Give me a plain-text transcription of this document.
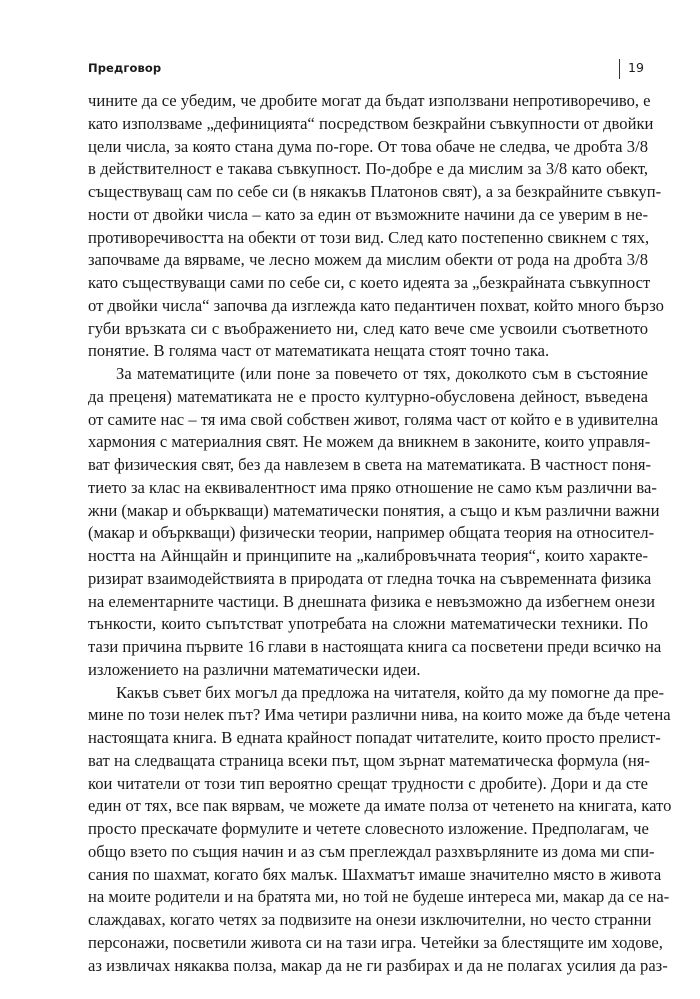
Предговор	19

чините да се убедим, че дробите могат да бъдат използвани непротиворечиво, е
като използваме „дефиницията“ посредством безкрайни съвкупности от двойки
цели числа, за която стана дума по-горе. От това обаче не следва, че дробта 3/8
в действителност е такава съвкупност. По-добре е да мислим за 3/8 като обект,
съществуващ сам по себе си (в някакъв Платонов свят), а за безкрайните съвкуп-
ности от двойки числа – като за един от възможните начини да се уверим в не-
противоречивостта на обекти от този вид. След като постепенно свикнем с тях,
започваме да вярваме, че лесно можем да мислим обекти от рода на дробта 3/8
като съществуващи сами по себе си, с което идеята за „безкрайната съвкупност
от двойки числа“ започва да изглежда като педантичен похват, който много бързо
губи връзката си с въображението ни, след като вече сме усвоили съответното
понятие. В голяма част от математиката нещата стоят точно така.

За математиците (или поне за повечето от тях, доколкото съм в състояние
да преценя) математиката не е просто културно-обусловена дейност, въведена
от самите нас – тя има свой собствен живот, голяма част от който е в удивителна
хармония с материалния свят. Не можем да вникнем в законите, които управля-
ват физическия свят, без да навлезем в света на математиката. В частност поня-
тието за клас на еквивалентност има пряко отношение не само към различни ва-
жни (макар и объркващи) математически понятия, а също и към различни важни
(макар и объркващи) физически теории, например общата теория на относител-
ността на Айнщайн и принципите на „калибровъчната теория“, които характе-
ризират взаимодействията в природата от гледна точка на съвременната физика
на елементарните частици. В днешната физика е невъзможно да избегнем онези
тънкости, които съпътстват употребата на сложни математически техники. По
тази причина първите 16 глави в настоящата книга са посветени преди всичко на
изложението на различни математически идеи.

Какъв съвет бих могъл да предложа на читателя, който да му помогне да пре-
мине по този нелек път? Има четири различни нива, на които може да бъде четена
настоящата книга. В едната крайност попадат читателите, които просто прелист-
ват на следващата страница всеки път, щом зърнат математическа формула (ня-
кои читатели от този тип вероятно срещат трудности с дробите). Дори и да сте
един от тях, все пак вярвам, че можете да имате полза от четенето на книгата, като
просто прескачате формулите и четете словесното изложение. Предполагам, че
общо взето по същия начин и аз съм преглеждал разхвърляните из дома ми спи-
сания по шахмат, когато бях малък. Шахматът имаше значително място в живота
на моите родители и на братята ми, но той не будеше интереса ми, макар да се на-
слаждавах, когато четях за подвизите на онези изключителни, но често странни
персонажи, посветили живота си на тази игра. Четейки за блестящите им ходове,
аз извличах някаква полза, макар да не ги разбирах и да не полагах усилия да раз-
